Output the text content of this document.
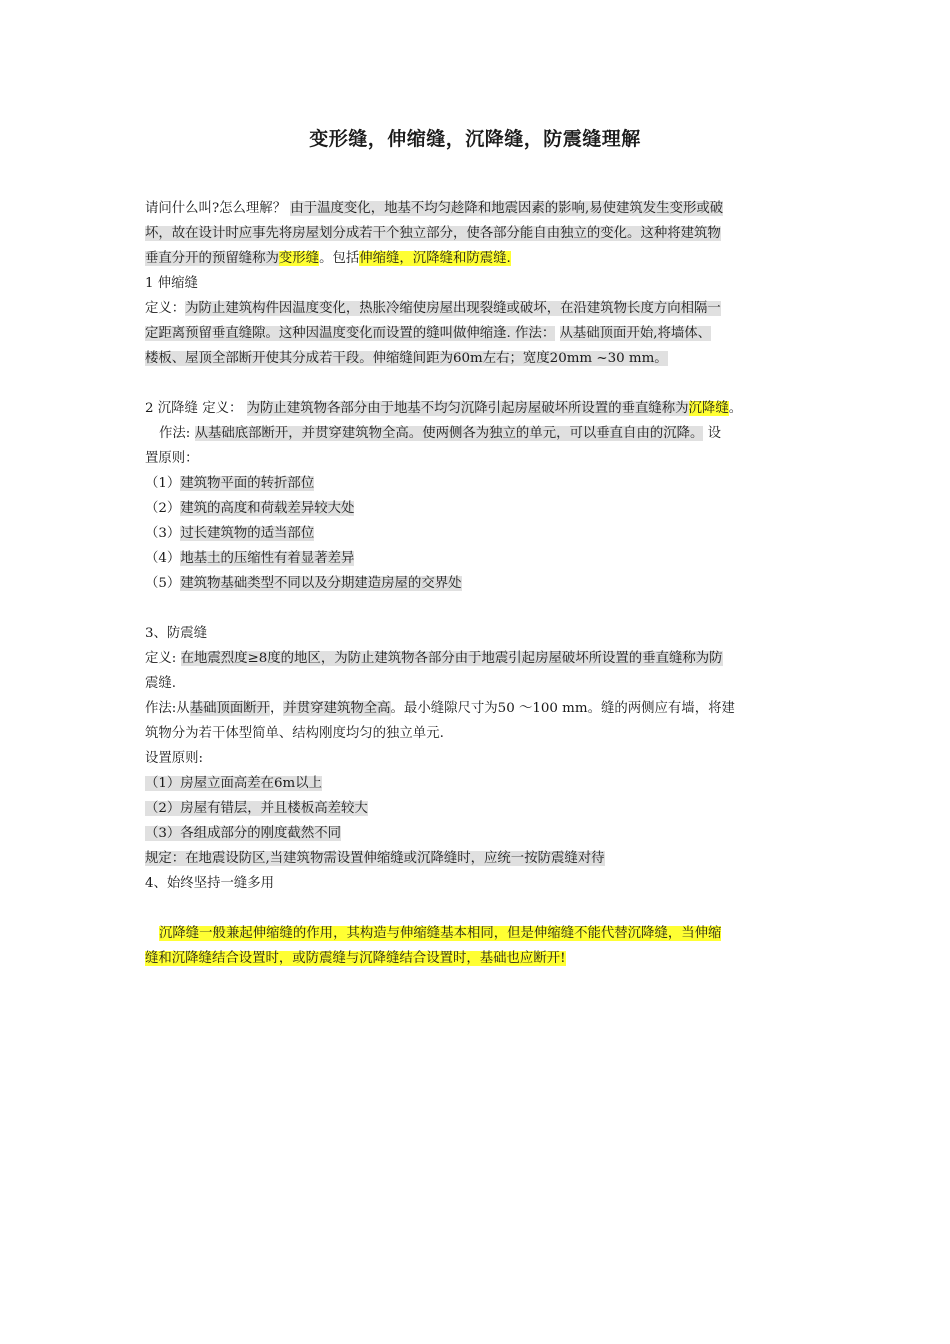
变形缝，伸缩缝，沉降缝，防震缝理解
请问什么叫?怎么理解？ 由于温度变化，地基不均匀趁降和地震因素的影响,易使建筑发生变形或破
坏，故在设计时应事先将房屋划分成若干个独立部分，使各部分能自由独立的变化。这种将建筑物
垂直分开的预留缝称为变形缝。包括伸缩缝，沉降缝和防震缝.
1 伸缩缝
定义：为防止建筑构件因温度变化，热胀冷缩使房屋出现裂缝或破坏，在沿建筑物长度方向相隔一
定距离预留垂直缝隙。这种因温度变化而设置的缝叫做伸缩逢. 作法： 从基础顶面开始,将墙体、
楼板、屋顶全部断开使其分成若干段。伸缩缝间距为60m左右；宽度20mm ~30 mm。
2 沉降缝 定义： 为防止建筑物各部分由于地基不均匀沉降引起房屋破坏所设置的垂直缝称为沉降缝。
作法: 从基础底部断开，并贯穿建筑物全高。使两侧各为独立的单元，可以垂直自由的沉降。 设
置原则：
（1）建筑物平面的转折部位
（2）建筑的高度和荷载差异较大处
（3）过长建筑物的适当部位
（4）地基土的压缩性有着显著差异
（5）建筑物基础类型不同以及分期建造房屋的交界处
3、防震缝
定义: 在地震烈度≥8度的地区，为防止建筑物各部分由于地震引起房屋破坏所设置的垂直缝称为防
震缝.
作法:从基础顶面断开，并贯穿建筑物全高。最小缝隙尺寸为50 ～100 mm。缝的两侧应有墙，将建
筑物分为若干体型简单、结构刚度均匀的独立单元.
设置原则:
（1）房屋立面高差在6m以上
（2）房屋有错层，并且楼板高差较大
（3）各组成部分的刚度截然不同
规定：在地震设防区,当建筑物需设置伸缩缝或沉降缝时，应统一按防震缝对待
4、始终坚持一缝多用
沉降缝一般兼起伸缩缝的作用，其构造与伸缩缝基本相同，但是伸缩缝不能代替沉降缝，当伸缩
缝和沉降缝结合设置时，或防震缝与沉降缝结合设置时，基础也应断开!
